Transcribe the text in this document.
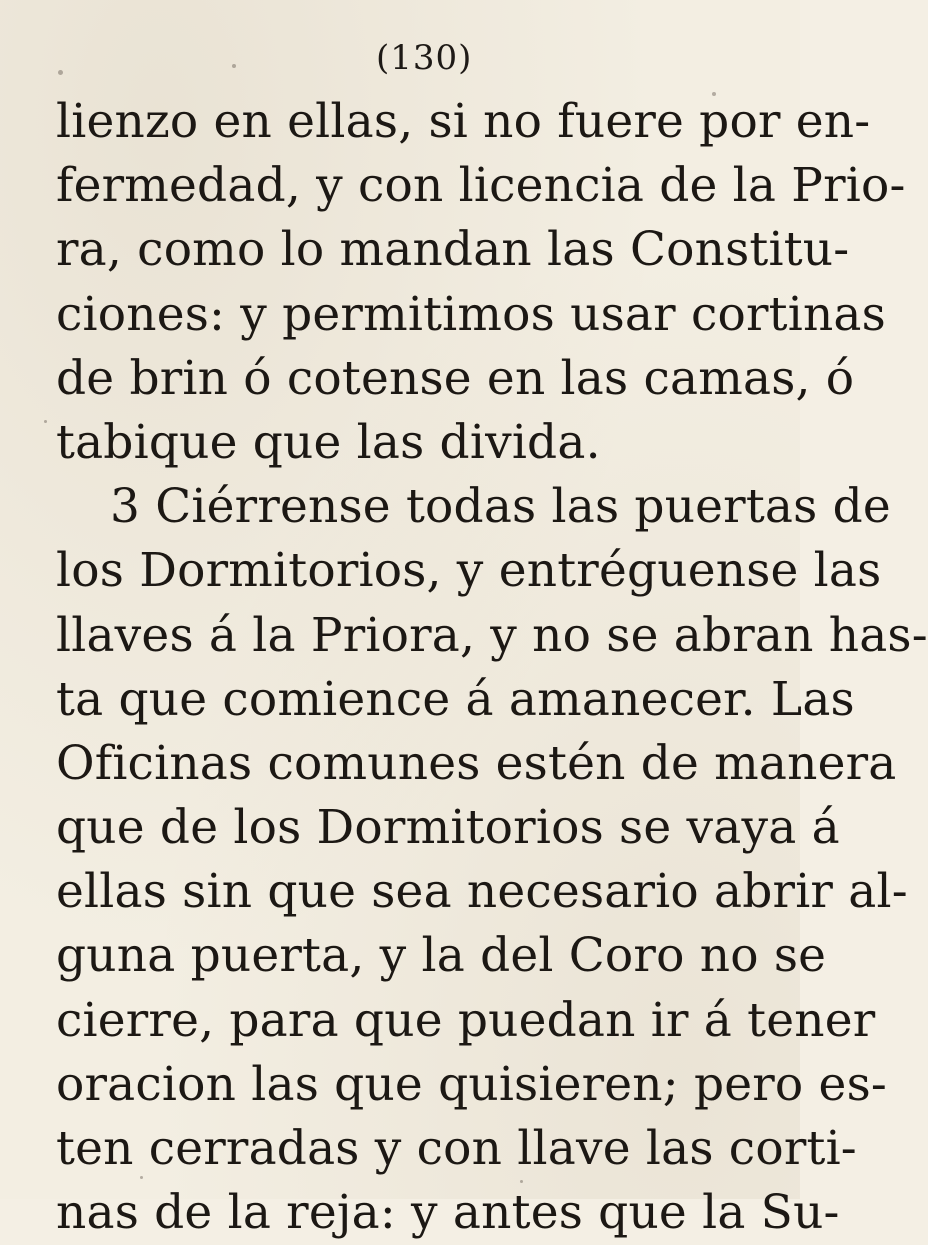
(130)
lienzo en ellas, si no fuere por en-
fermedad, y con licencia de la Prio-
ra, como lo mandan las Constitu-
ciones: y permitimos usar cortinas
de brin ó cotense en las camas, ó
tabique que las divida.
3 Ciérrense todas las puertas de
los Dormitorios, y entréguense las
llaves á la Priora, y no se abran has-
ta que comience á amanecer. Las
Oficinas comunes estén de manera
que de los Dormitorios se vaya á
ellas sin que sea necesario abrir al-
guna puerta, y la del Coro no se
cierre, para que puedan ir á tener
oracion las que quisieren; pero es-
ten cerradas y con llave las corti-
nas de la reja: y antes que la Su-
